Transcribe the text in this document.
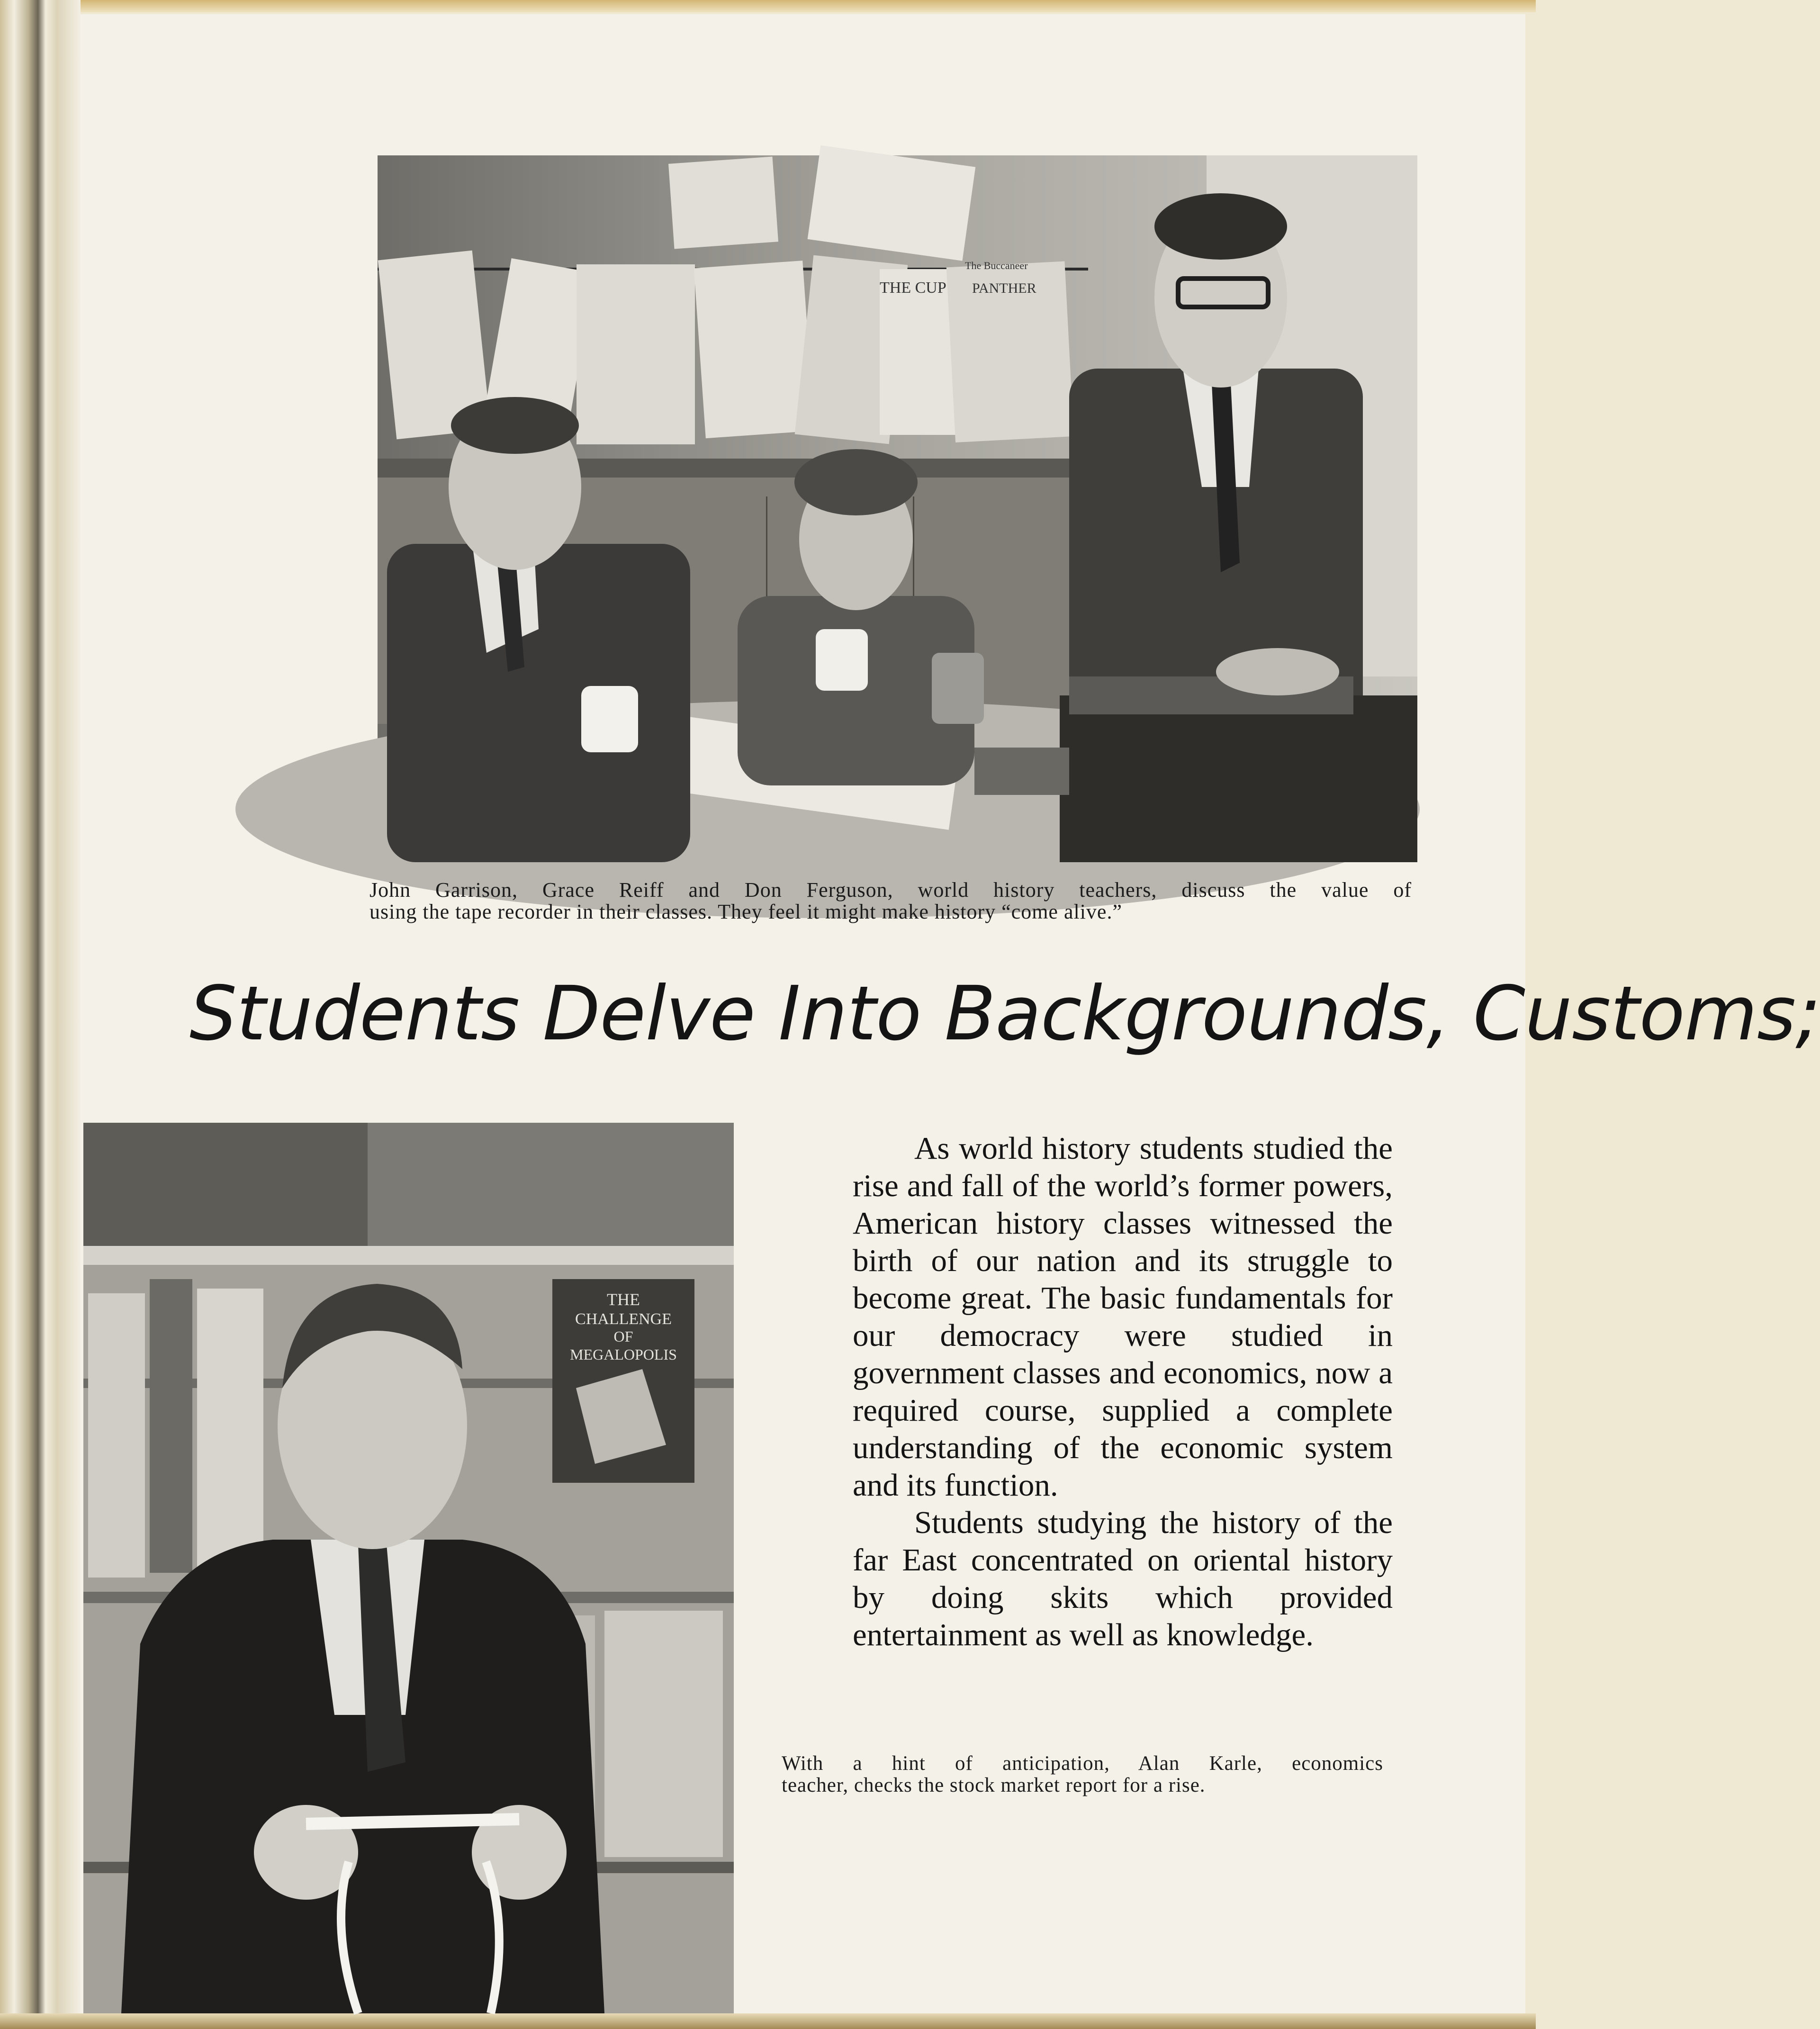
THE CUP PANTHER
The Buccaneer
John Garrison, Grace Reiff and Don Ferguson, world history teachers, discuss the value of
using the tape recorder in their classes. They feel it might make history “come alive.”
Students Delve Into Backgrounds, Customs;
THE
CHALLENGE
OF
MEGALOPOLIS

As world history students studied the rise and fall of the world’s former powers, American history classes witnessed the birth of our nation and its struggle to become great. The basic fundamentals for our democracy were studied in government classes and economics, now a required course, supplied a complete understanding of the economic system and its function.

Students studying the history of the far East concentrated on oriental history by doing skits which provided entertainment as well as knowledge.

With a hint of anticipation, Alan Karle, economics
teacher, checks the stock market report for a rise.
